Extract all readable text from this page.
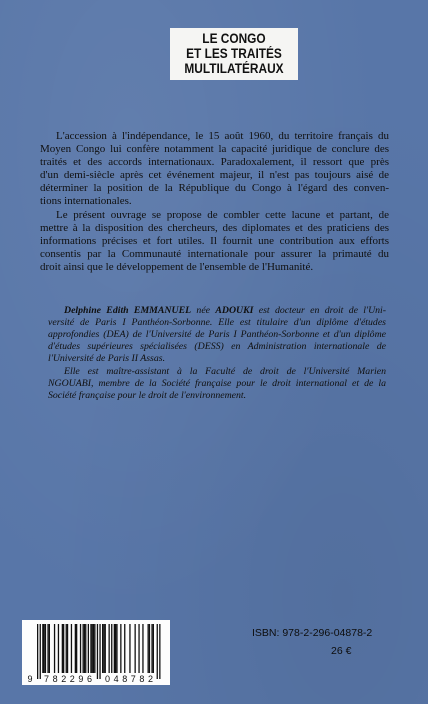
LE CONGO
ET LES TRAITÉS
MULTILATÉRAUX
L'accession à l'indépendance, le 15 août 1960, du territoire français du
Moyen Congo lui confère notamment la capacité juridique de conclure des
traités et des accords internationaux. Paradoxalement, il ressort que près
d'un demi-siècle après cet événement majeur, il n'est pas toujours aisé de
déterminer la position de la République du Congo à l'égard des conven-
tions internationales.
Le présent ouvrage se propose de combler cette lacune et partant, de
mettre à la disposition des chercheurs, des diplomates et des praticiens des
informations précises et fort utiles. Il fournit une contribution aux efforts
consentis par la Communauté internationale pour assurer la primauté du
droit ainsi que le développement de l'ensemble de l'Humanité.
Delphine Edith EMMANUEL née ADOUKI est docteur en droit de l'Uni-
versité de Paris I Panthéon-Sorbonne. Elle est titulaire d'un diplôme d'études
approfondies (DEA) de l'Université de Paris I Panthéon-Sorbonne et d'un diplôme
d'études supérieures spécialisées (DESS) en Administration internationale de
l'Université de Paris II Assas.
Elle est maître-assistant à la Faculté de droit de l'Université Marien
NGOUABI, membre de la Société française pour le droit international et de la
Société française pour le droit de l'environnement.
9 782296 048782
ISBN: 978-2-296-04878-2
26 €
